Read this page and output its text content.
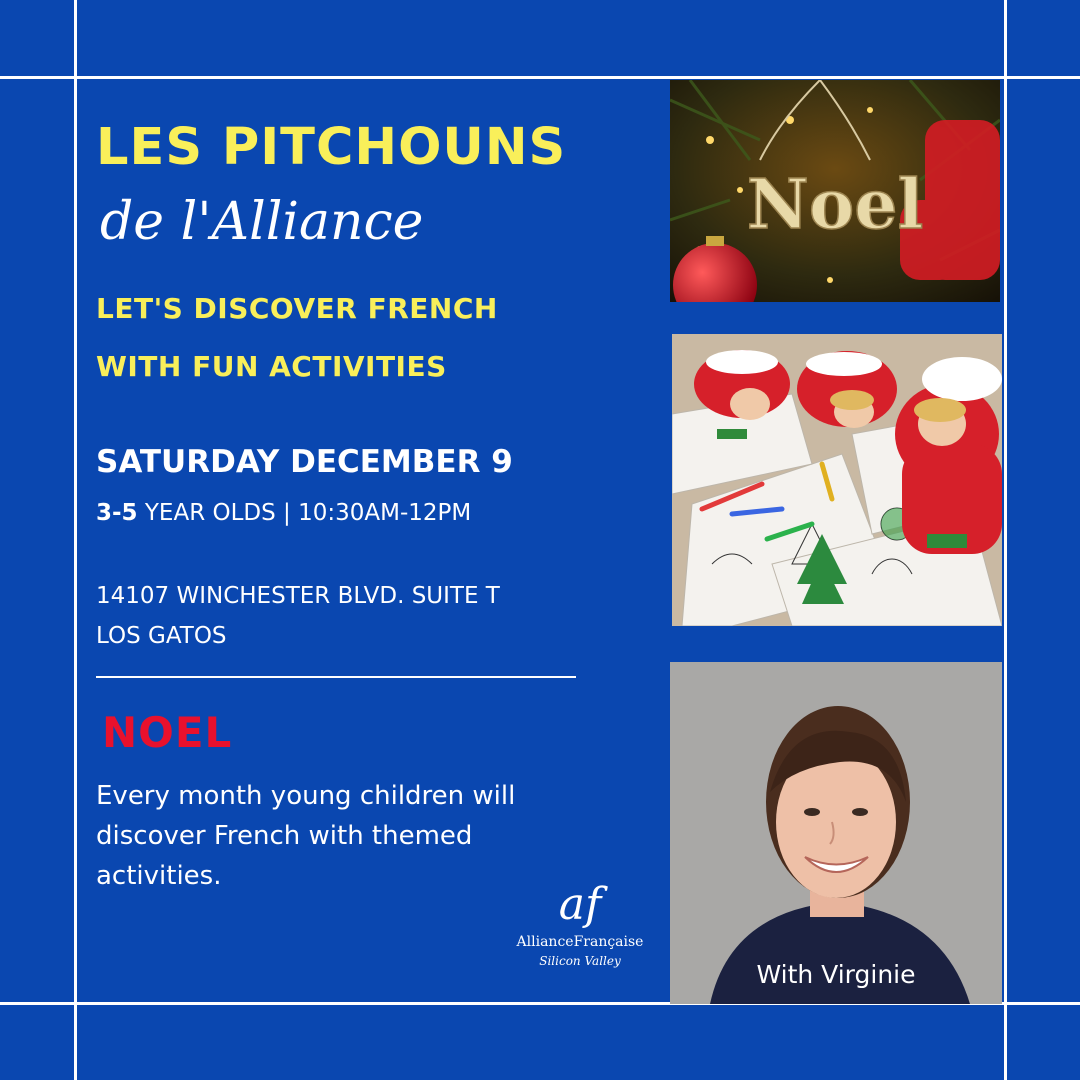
LES PITCHOUNS
de l'Alliance
LET'S DISCOVER FRENCH
WITH FUN ACTIVITIES
SATURDAY DECEMBER 9
3-5 YEAR OLDS | 10:30AM-12PM
14107 WINCHESTER BLVD. SUITE T
LOS GATOS
NOEL

Every month young children will discover French with themed activities.

af
AllianceFrançaise
Silicon Valley
Noel
With Virginie
